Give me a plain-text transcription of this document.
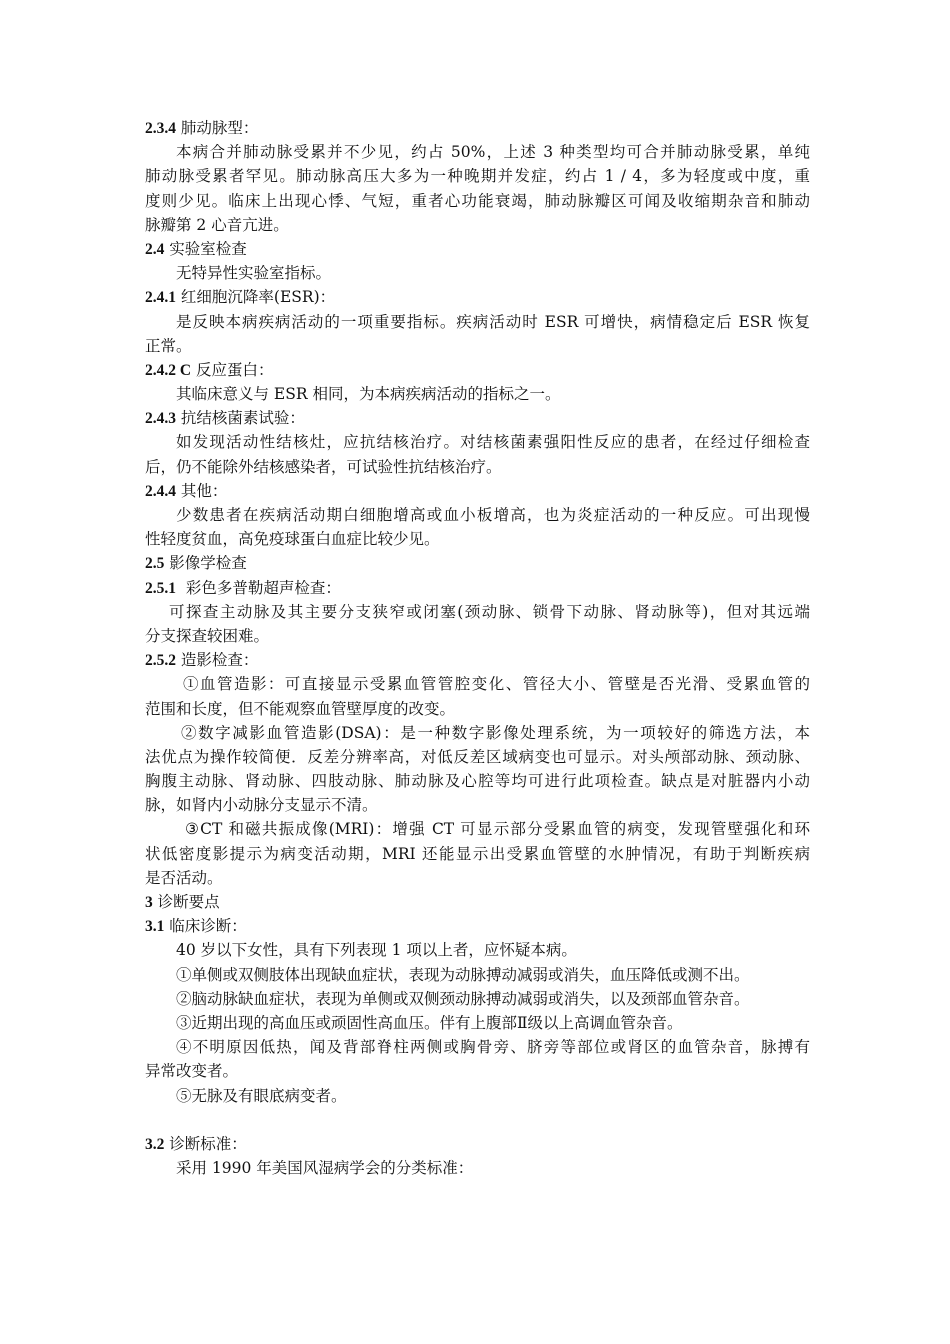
2.3.4 肺动脉型：
本病合并肺动脉受累并不少见，约占 50%，上述 3 种类型均可合并肺动脉受累，单纯
肺动脉受累者罕见。肺动脉高压大多为一种晚期并发症，约占 1 / 4，多为轻度或中度，重
度则少见。临床上出现心悸、气短，重者心功能衰竭，肺动脉瓣区可闻及收缩期杂音和肺动
脉瓣第 2 心音亢进。
2.4 实验室检查
无特异性实验室指标。
2.4.1 红细胞沉降率(ESR)：
是反映本病疾病活动的一项重要指标。疾病活动时 ESR 可增快，病情稳定后 ESR 恢复
正常。
2.4.2 C 反应蛋白：
其临床意义与 ESR 相同，为本病疾病活动的指标之一。
2.4.3 抗结核菌素试验：
如发现活动性结核灶，应抗结核治疗。对结核菌素强阳性反应的患者，在经过仔细检查
后，仍不能除外结核感染者，可试验性抗结核治疗。
2.4.4 其他：
少数患者在疾病活动期白细胞增高或血小板增高，也为炎症活动的一种反应。可出现慢
性轻度贫血，高免疫球蛋白血症比较少见。
2.5 影像学检查
2.5.1  彩色多普勒超声检查：
可探查主动脉及其主要分支狭窄或闭塞(颈动脉、锁骨下动脉、肾动脉等)，但对其远端
分支探查较困难。
2.5.2 造影检查：
①血管造影：可直接显示受累血管管腔变化、管径大小、管壁是否光滑、受累血管的
范围和长度，但不能观察血管壁厚度的改变。
②数字减影血管造影(DSA)：是一种数字影像处理系统，为一项较好的筛选方法，本
法优点为操作较简便．反差分辨率高，对低反差区域病变也可显示。对头颅部动脉、颈动脉、
胸腹主动脉、肾动脉、四肢动脉、肺动脉及心腔等均可进行此项检查。缺点是对脏器内小动
脉，如肾内小动脉分支显示不清。
③CT 和磁共振成像(MRI)：增强 CT 可显示部分受累血管的病变，发现管壁强化和环
状低密度影提示为病变活动期，MRI 还能显示出受累血管壁的水肿情况，有助于判断疾病
是否活动。
3 诊断要点
3.1 临床诊断：
40 岁以下女性，具有下列表现 1 项以上者，应怀疑本病。
①单侧或双侧肢体出现缺血症状，表现为动脉搏动减弱或消失，血压降低或测不出。
②脑动脉缺血症状，表现为单侧或双侧颈动脉搏动减弱或消失，以及颈部血管杂音。
③近期出现的高血压或顽固性高血压。伴有上腹部Ⅱ级以上高调血管杂音。
④不明原因低热，闻及背部脊柱两侧或胸骨旁、脐旁等部位或肾区的血管杂音，脉搏有
异常改变者。
⑤无脉及有眼底病变者。
3.2 诊断标准：
采用 1990 年美国风湿病学会的分类标准：
